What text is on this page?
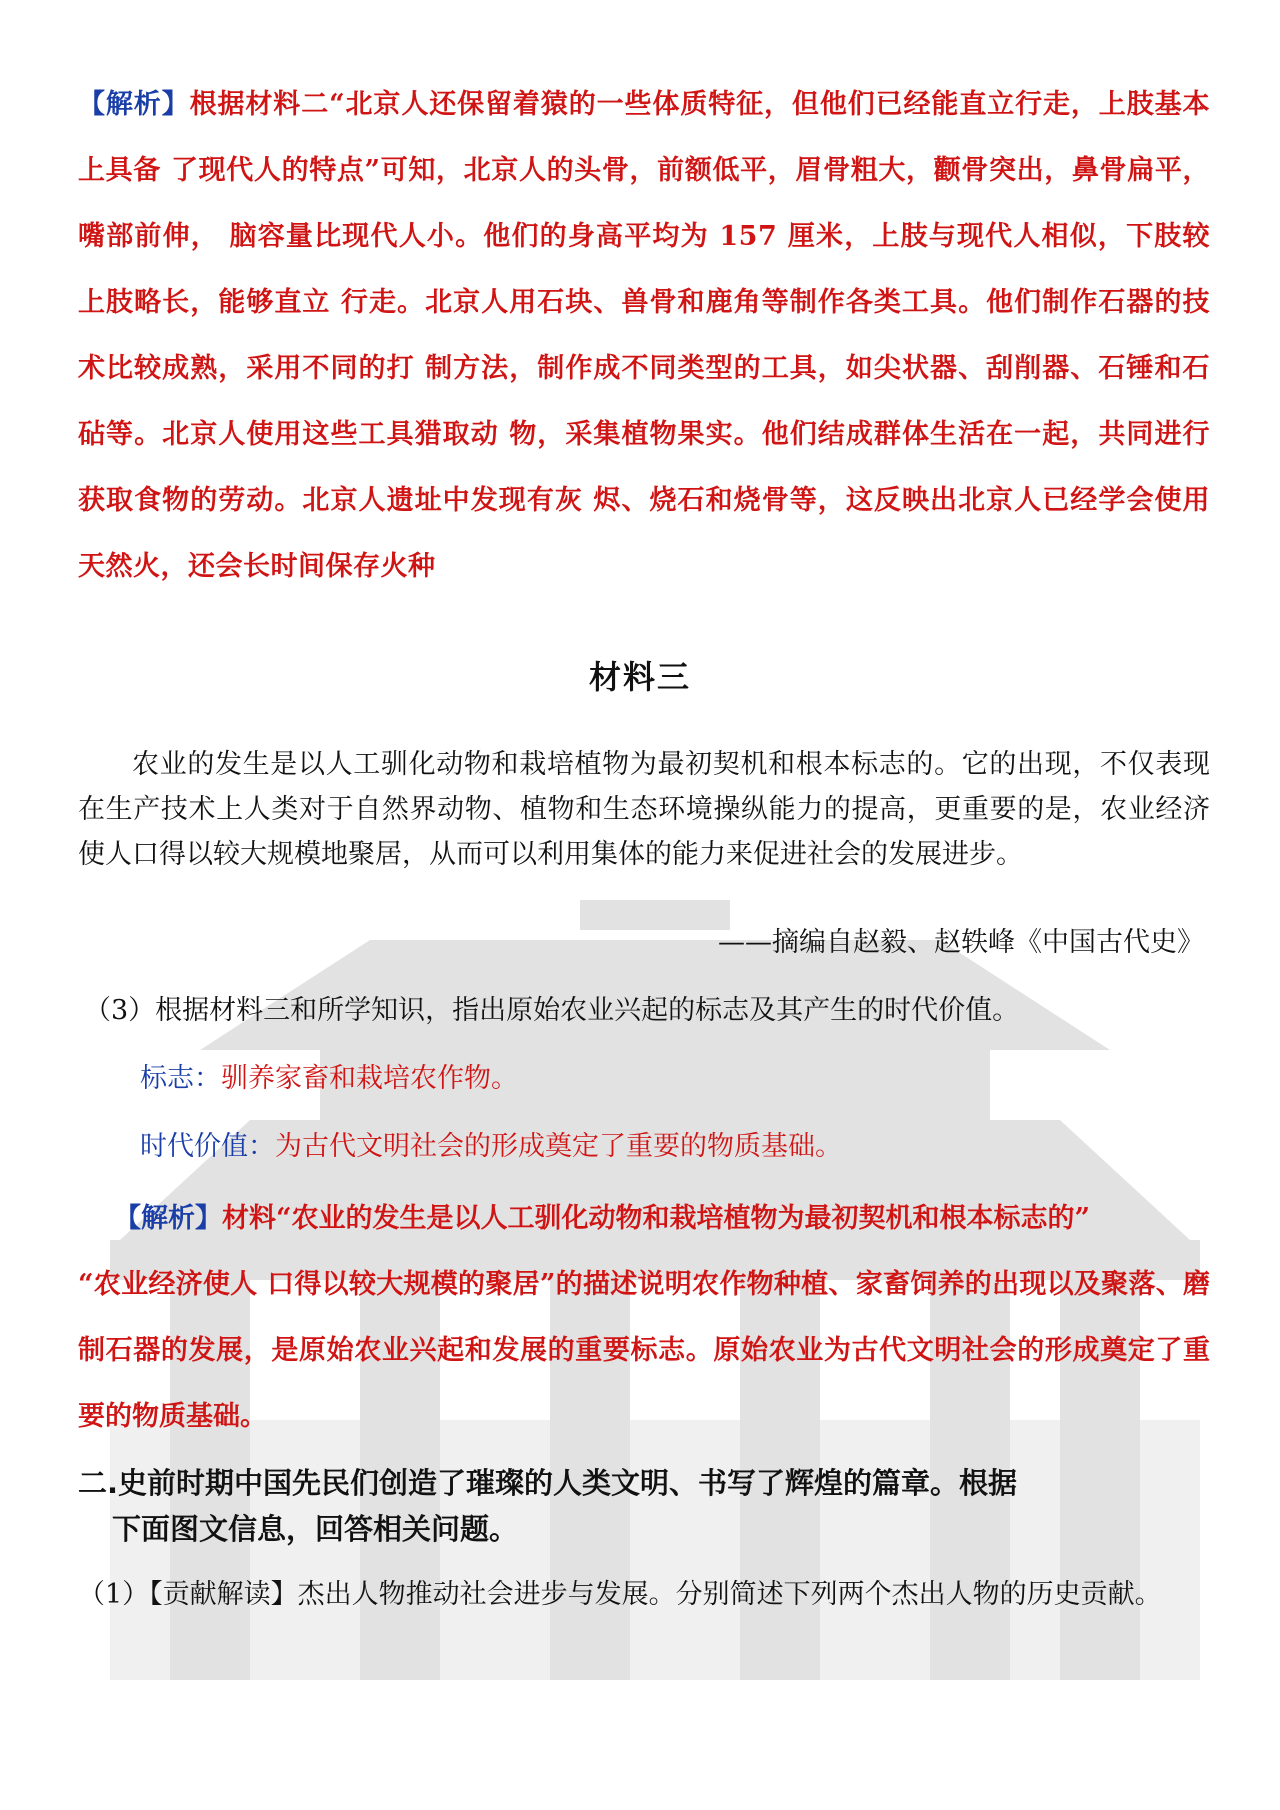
【解析】根据材料二“北京人还保留着猿的一些体质特征，但他们已经能直立行走，上肢基本上具备 了现代人的特点”可知，北京人的头骨，前额低平，眉骨粗大，颧骨突出，鼻骨扁平，嘴部前伸， 脑容量比现代人小。他们的身高平均为 157 厘米，上肢与现代人相似，下肢较上肢略长，能够直立 行走。北京人用石块、兽骨和鹿角等制作各类工具。他们制作石器的技术比较成熟，采用不同的打 制方法，制作成不同类型的工具，如尖状器、刮削器、石锤和石砧等。北京人使用这些工具猎取动 物，采集植物果实。他们结成群体生活在一起，共同进行获取食物的劳动。北京人遗址中发现有灰 烬、烧石和烧骨等，这反映出北京人已经学会使用天然火，还会长时间保存火种
材料三
农业的发生是以人工驯化动物和栽培植物为最初契机和根本标志的。它的出现，不仅表现在生产技术上人类对于自然界动物、植物和生态环境操纵能力的提高，更重要的是，农业经济使人口得以较大规模地聚居，从而可以利用集体的能力来促进社会的发展进步。
——摘编自赵毅、赵轶峰《中国古代史》
（3）根据材料三和所学知识，指出原始农业兴起的标志及其产生的时代价值。
标志：驯养家畜和栽培农作物。
时代价值：为古代文明社会的形成奠定了重要的物质基础。
【解析】材料“农业的发生是以人工驯化动物和栽培植物为最初契机和根本标志的”
“农业经济使人 口得以较大规模的聚居”的描述说明农作物种植、家畜饲养的出现以及聚落、磨制石器的发展，是原始农业兴起和发展的重要标志。原始农业为古代文明社会的形成奠定了重要的物质基础。
二.史前时期中国先民们创造了璀璨的人类文明、书写了辉煌的篇章。根据
下面图文信息，回答相关问题。
（1）【贡献解读】杰出人物推动社会进步与发展。分别简述下列两个杰出人物的历史贡献。
